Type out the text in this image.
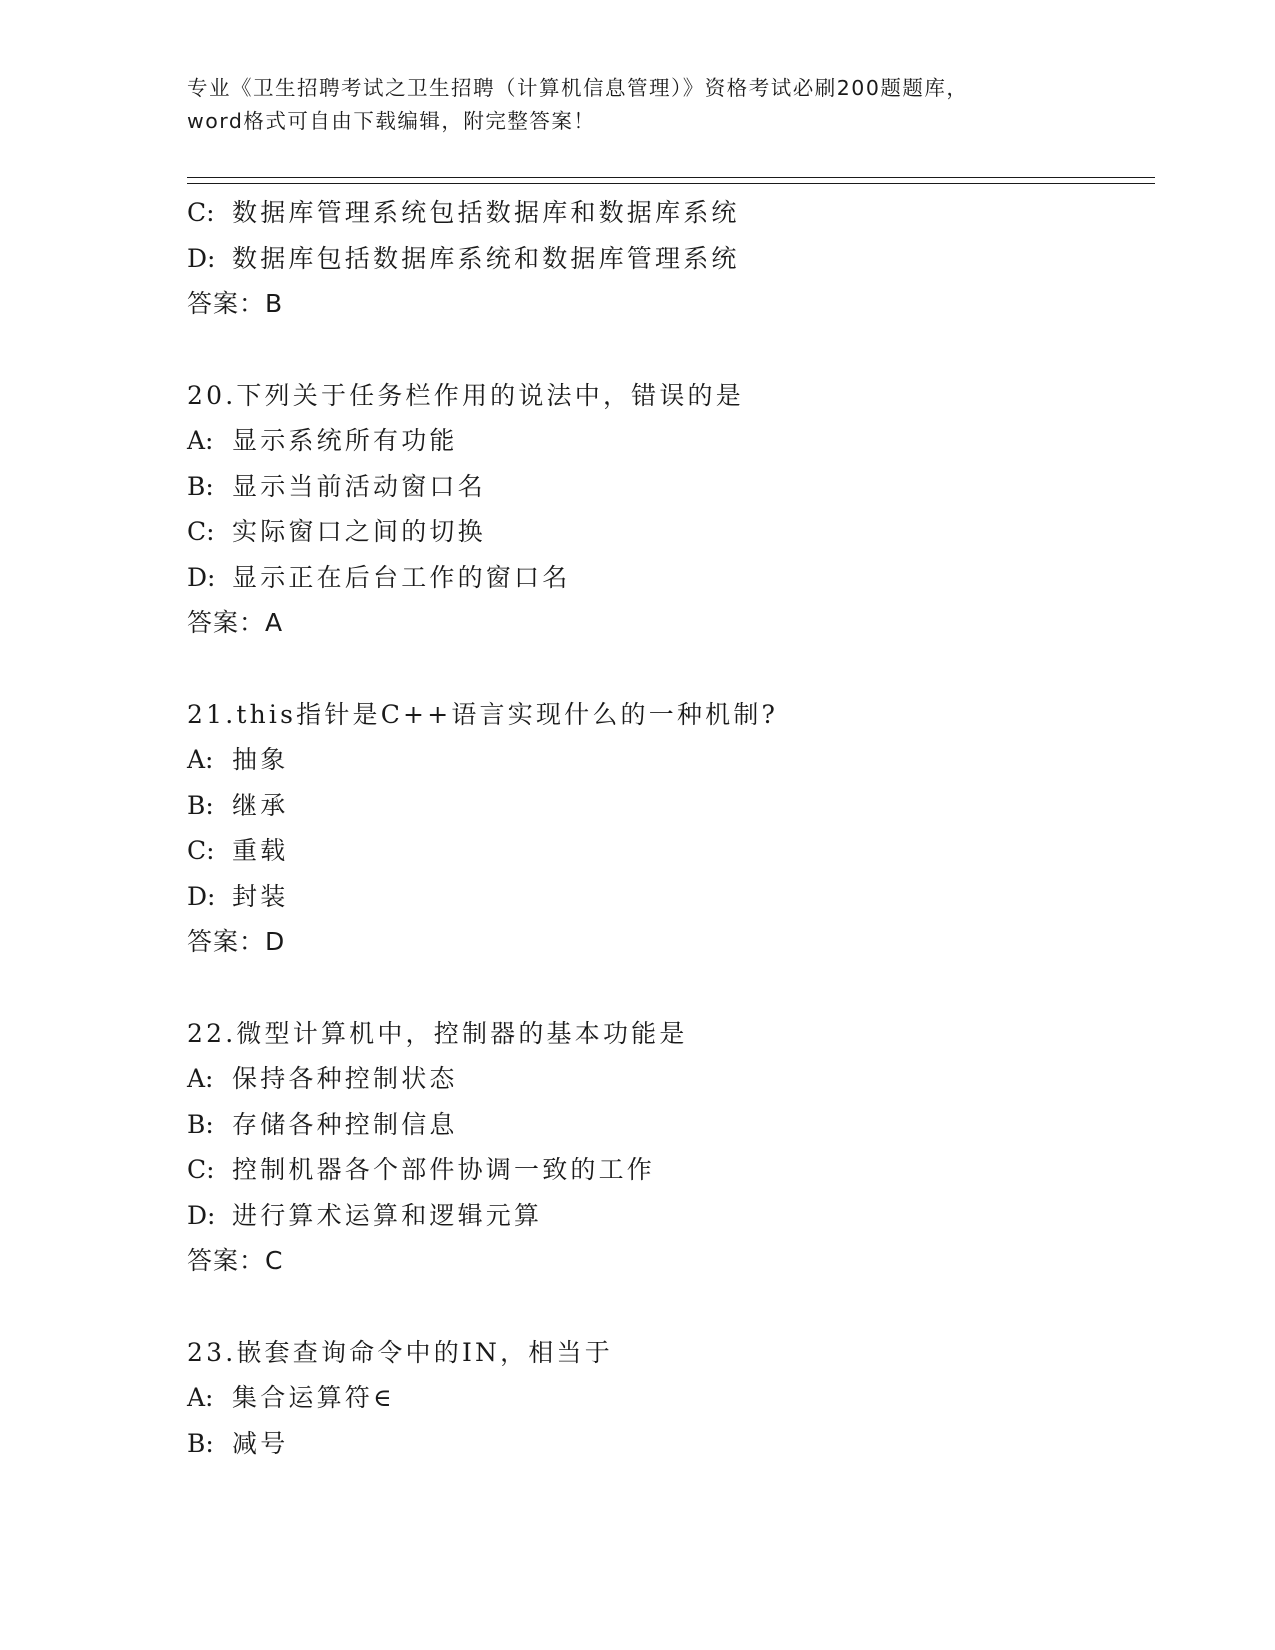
专业《卫生招聘考试之卫生招聘（计算机信息管理）》资格考试必刷200题题库，
word格式可自由下载编辑，附完整答案！
C: 数据库管理系统包括数据库和数据库系统
D: 数据库包括数据库系统和数据库管理系统
答案：B
20.下列关于任务栏作用的说法中，错误的是
A: 显示系统所有功能
B: 显示当前活动窗口名
C: 实际窗口之间的切换
D: 显示正在后台工作的窗口名
答案：A
21.this指针是C++语言实现什么的一种机制?
A: 抽象
B: 继承
C: 重载
D: 封装
答案：D
22.微型计算机中，控制器的基本功能是
A: 保持各种控制状态
B: 存储各种控制信息
C: 控制机器各个部件协调一致的工作
D: 进行算术运算和逻辑元算
答案：C
23.嵌套查询命令中的IN，相当于
A: 集合运算符∈
B: 减号
